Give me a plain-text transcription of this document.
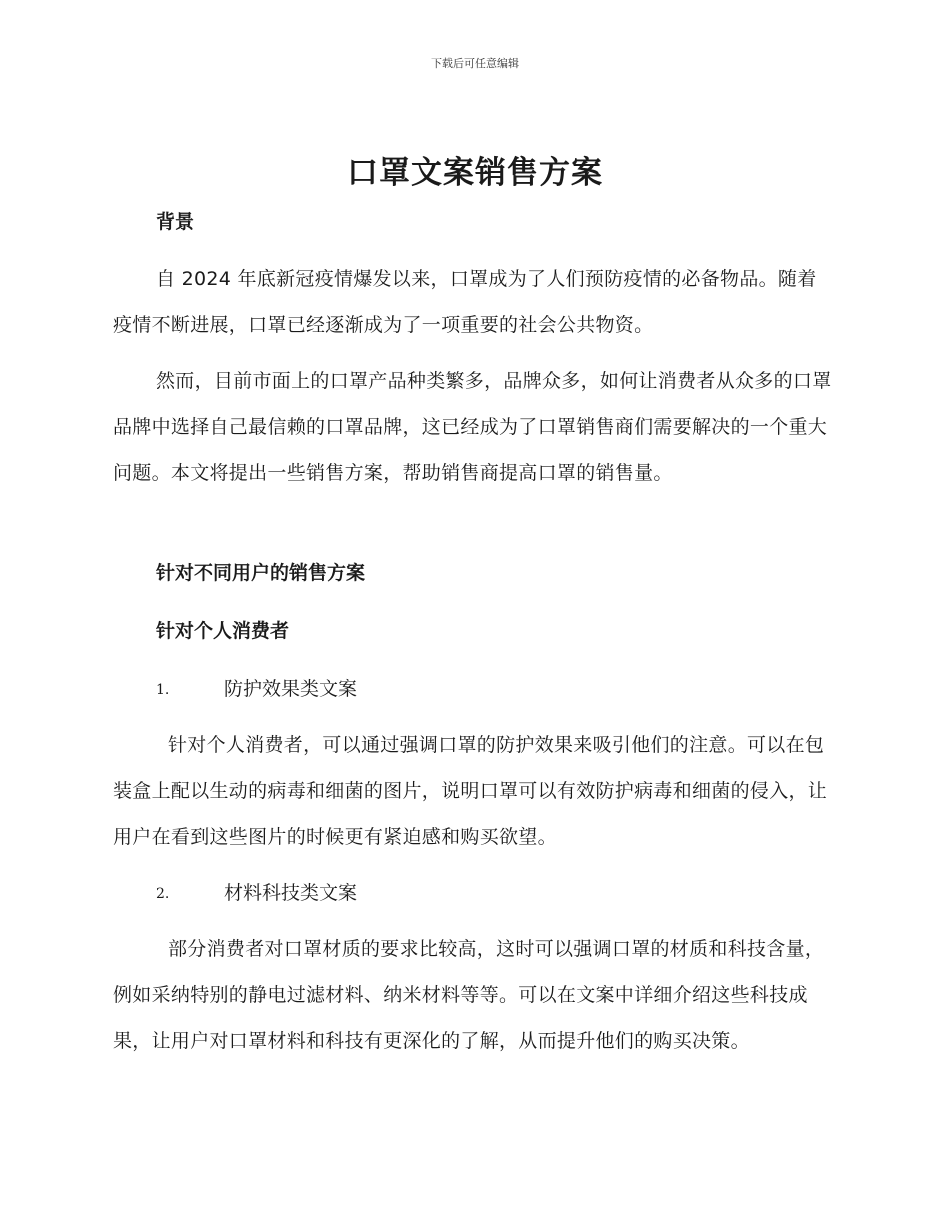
下载后可任意编辑
口罩文案销售方案
背景
自 2024 年底新冠疫情爆发以来，口罩成为了人们预防疫情的必备物品。随着疫情不断进展，口罩已经逐渐成为了一项重要的社会公共物资。
然而，目前市面上的口罩产品种类繁多，品牌众多，如何让消费者从众多的口罩品牌中选择自己最信赖的口罩品牌，这已经成为了口罩销售商们需要解决的一个重大问题。本文将提出一些销售方案，帮助销售商提高口罩的销售量。
针对不同用户的销售方案
针对个人消费者
1.	防护效果类文案
针对个人消费者，可以通过强调口罩的防护效果来吸引他们的注意。可以在包装盒上配以生动的病毒和细菌的图片，说明口罩可以有效防护病毒和细菌的侵入，让用户在看到这些图片的时候更有紧迫感和购买欲望。
2.	材料科技类文案
部分消费者对口罩材质的要求比较高，这时可以强调口罩的材质和科技含量，例如采纳特别的静电过滤材料、纳米材料等等。可以在文案中详细介绍这些科技成果，让用户对口罩材料和科技有更深化的了解，从而提升他们的购买决策。
